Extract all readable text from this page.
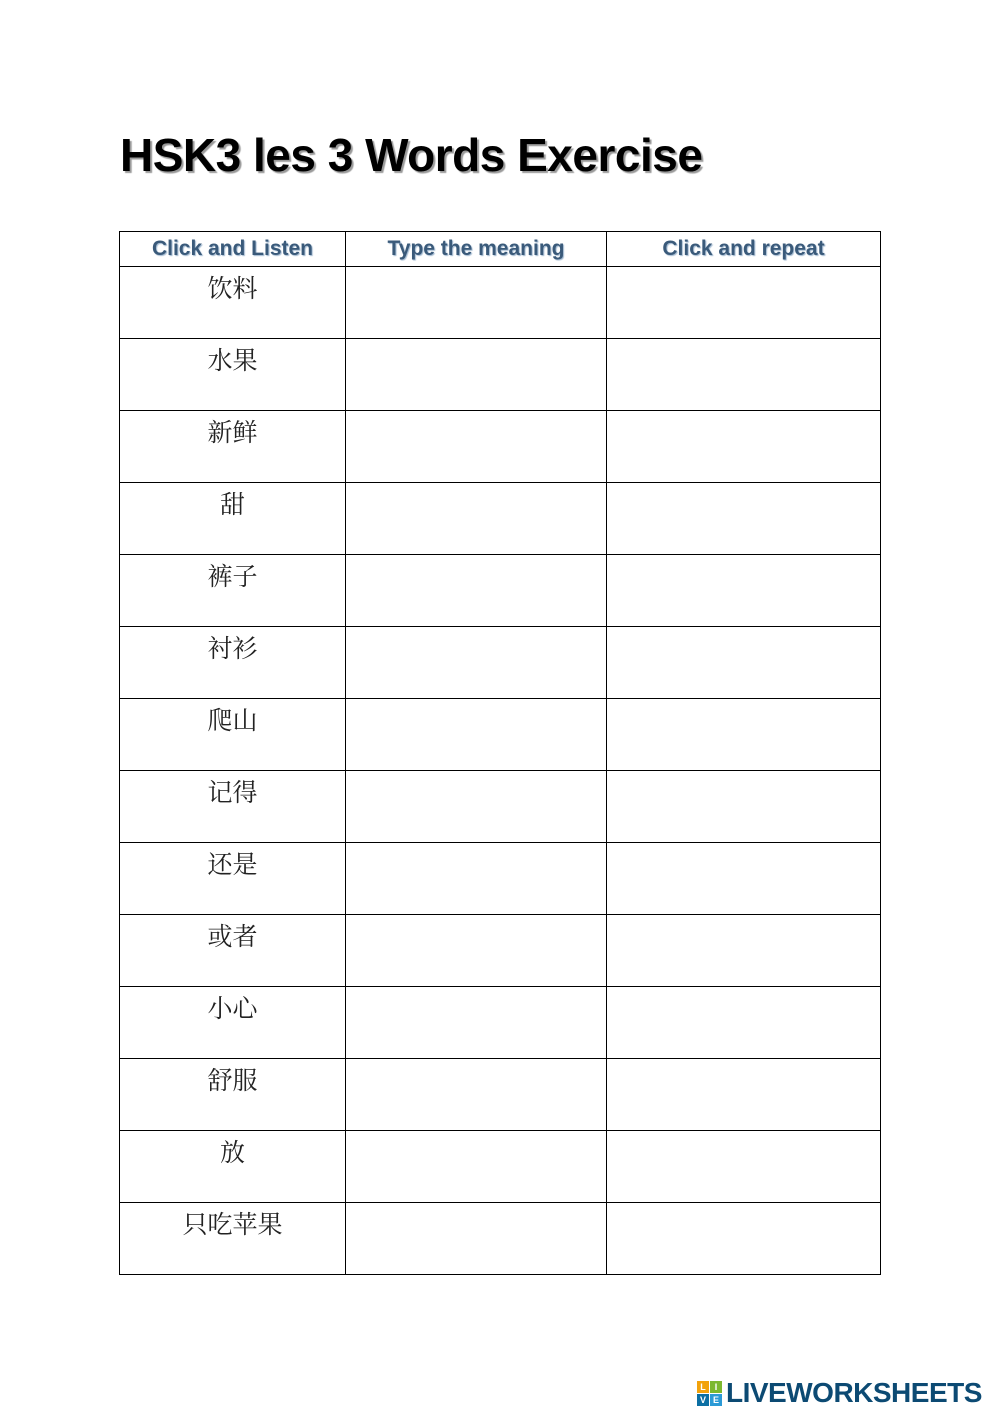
HSK3 les 3 Words Exercise
Click and Listen	Type the meaning	Click and repeat
饮料		
水果		
新鲜		
甜		
裤子		
衬衫		
爬山		
记得		
还是		
或者		
小心		
舒服		
放		
只吃苹果		
L I
V E LIVEWORKSHEETS
